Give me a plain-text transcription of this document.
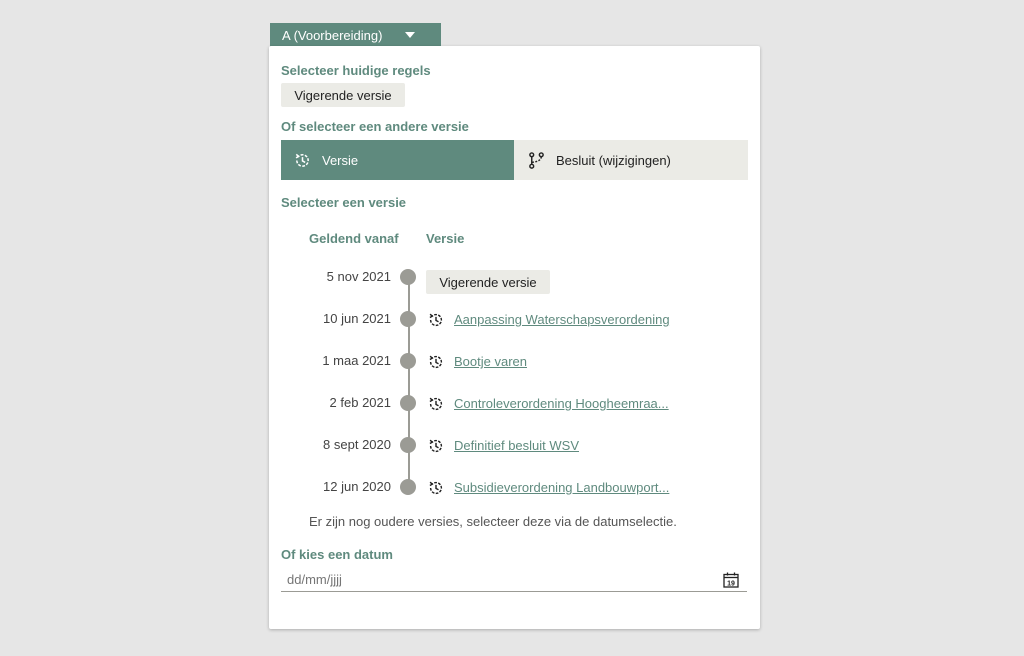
A (Voorbereiding)
Selecteer huidige regels
Vigerende versie
Of selecteer een andere versie
Versie	Besluit (wijzigingen)
Selecteer een versie
Geldend vanaf Versie
5 nov 2021	Vigerende versie
10 jun 2021	Aanpassing Waterschapsverordening
1 maa 2021	Bootje varen
2 feb 2021	Controleverordening Hoogheemraa...
8 sept 2020	Definitief besluit WSV
12 jun 2020	Subsidieverordening Landbouwport...
Er zijn nog oudere versies, selecteer deze via de datumselectie.
Of kies een datum
dd/mm/jjjj
19
